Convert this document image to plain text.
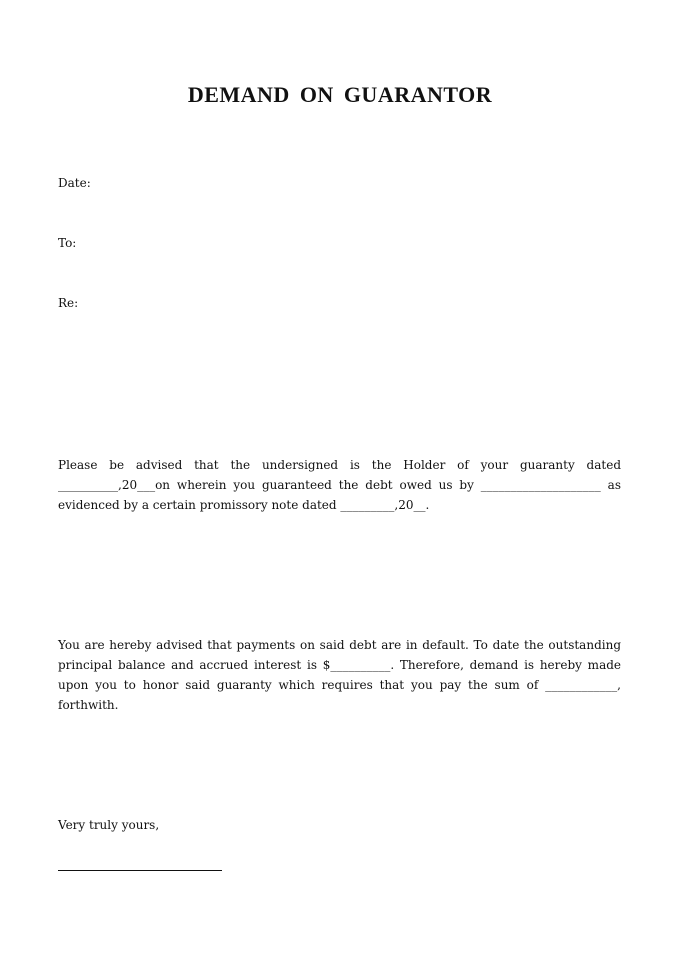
DEMAND ON GUARANTOR
Date:
To:
Re:
Please be advised that the undersigned is the Holder of your guaranty dated __________,20___on wherein you guaranteed the debt owed us by ____________________ as evidenced by a certain promissory note dated _________,20__.
You are hereby advised that payments on said debt are in default. To date the outstanding principal balance and accrued interest is $__________. Therefore, demand is hereby made upon you to honor said guaranty which requires that you pay the sum of ____________, forthwith.
Very truly yours,
